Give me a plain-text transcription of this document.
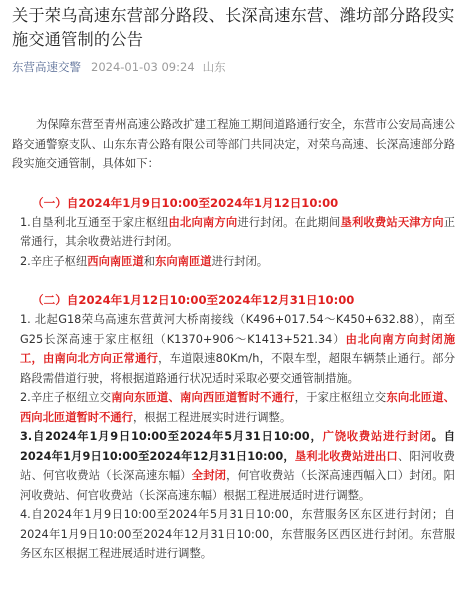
关于荣乌高速东营部分路段、长深高速东营、潍坊部分路段实施交通管制的公告
东营高速交警 2024-01-03 09:24 山东

为保障东营至青州高速公路改扩建工程施工期间道路通行安全，东营市公安局高速公路交通警察支队、山东东青公路有限公司等部门共同决定，对荣乌高速、长深高速部分路段实施交通管制，具体如下：

（一）自2024年1月9日10:00至2024年1月12日10:00

1.自垦利北互通至于家庄枢纽由北向南方向进行封闭。在此期间垦利收费站天津方向正常通行，其余收费站进行封闭。

2.辛庄子枢纽西向南匝道和东向南匝道进行封闭。

（二）自2024年1月12日10:00至2024年12月31日10:00

1. 北起G18荣乌高速东营黄河大桥南接线（K496+017.54～K450+632.88），南至G25长深高速于家庄枢纽（K1370+906～K1413+521.34）由北向南方向封闭施工，由南向北方向正常通行，车道限速80Km/h，不限车型，超限车辆禁止通行。部分路段需借道行驶，将根据道路通行状况适时采取必要交通管制措施。

2.辛庄子枢纽立交南向东匝道、南向西匝道暂时不通行，于家庄枢纽立交东向北匝道、西向北匝道暂时不通行，根据工程进展实时进行调整。

3.自2024年1月9日10:00至2024年5月31日10:00，广饶收费站进行封闭。自2024年1月9日10:00至2024年12月31日10:00，垦利北收费站进出口、阳河收费站、何官收费站（长深高速东幅）全封闭，何官收费站（长深高速西幅入口）封闭。阳河收费站、何官收费站（长深高速东幅）根据工程进展适时进行调整。

4.自2024年1月9日10:00至2024年5月31日10:00，东营服务区东区进行封闭；自2024年1月9日10:00至2024年12月31日10:00，东营服务区西区进行封闭。东营服务区东区根据工程进展适时进行调整。
